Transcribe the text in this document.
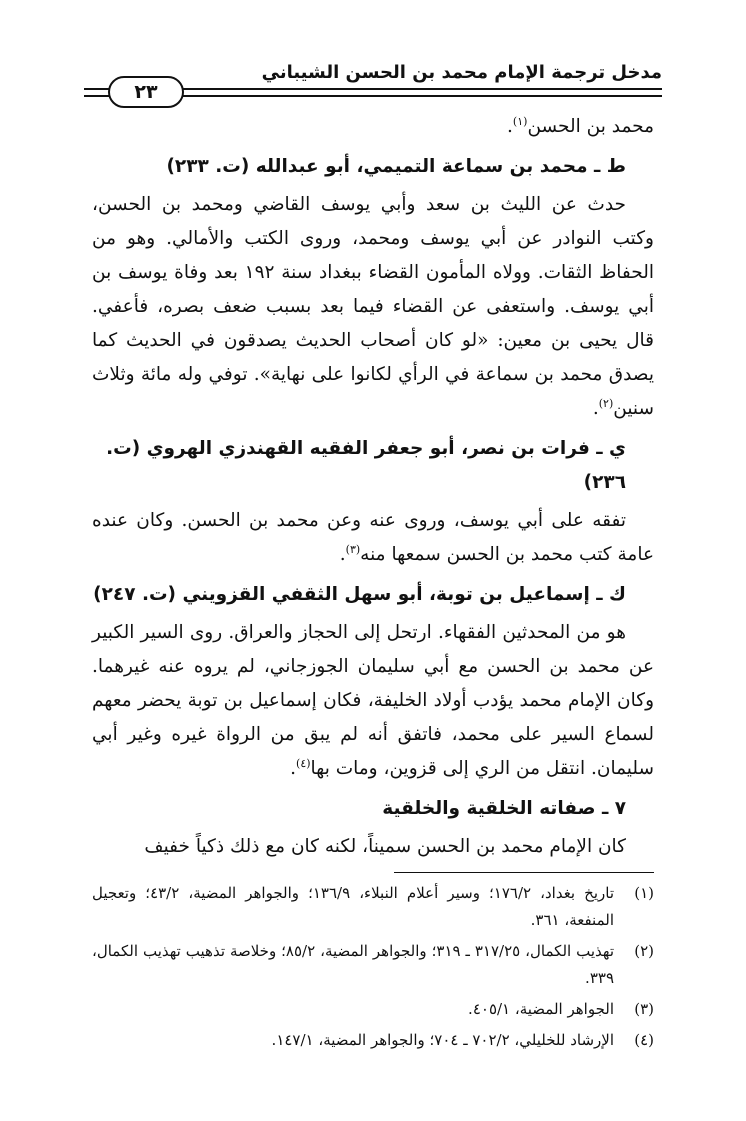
مدخل ترجمة الإمام محمد بن الحسن الشيباني
٢٣

محمد بن الحسن$^{(١)}$.

ط ـ محمد بن سماعة التميمي، أبو عبدالله (ت. ٢٣٣)

حدث عن الليث بن سعد وأبي يوسف القاضي ومحمد بن الحسن، وكتب النوادر عن أبي يوسف ومحمد، وروى الكتب والأمالي. وهو من الحفاظ الثقات. وولاه المأمون القضاء ببغداد سنة ١٩٢ بعد وفاة يوسف بن أبي يوسف. واستعفى عن القضاء فيما بعد بسبب ضعف بصره، فأعفي. قال يحيى بن معين: «لو كان أصحاب الحديث يصدقون في الحديث كما يصدق محمد بن سماعة في الرأي لكانوا على نهاية». توفي وله مائة وثلاث سنين$^{(٢)}$.

ي ـ فرات بن نصر، أبو جعفر الفقيه القهندزي الهروي (ت. ٢٣٦)

تفقه على أبي يوسف، وروى عنه وعن محمد بن الحسن. وكان عنده عامة كتب محمد بن الحسن سمعها منه$^{(٣)}$.

ك ـ إسماعيل بن توبة، أبو سهل الثقفي القزويني (ت. ٢٤٧)

هو من المحدثين الفقهاء. ارتحل إلى الحجاز والعراق. روى السير الكبير عن محمد بن الحسن مع أبي سليمان الجوزجاني، لم يروه عنه غيرهما. وكان الإمام محمد يؤدب أولاد الخليفة، فكان إسماعيل بن توبة يحضر معهم لسماع السير على محمد، فاتفق أنه لم يبق من الرواة غيره وغير أبي سليمان. انتقل من الري إلى قزوين، ومات بها$^{(٤)}$.

٧ ـ صفاته الخلقية والخلقية

كان الإمام محمد بن الحسن سميناً، لكنه كان مع ذلك ذكياً خفيف

(١)
تاريخ بغداد، ١٧٦/٢؛ وسير أعلام النبلاء، ١٣٦/٩؛ والجواهر المضية، ٤٣/٢؛ وتعجيل المنفعة، ٣٦١.
(٢)
تهذيب الكمال، ٣١٧/٢٥ ـ ٣١٩؛ والجواهر المضية، ٨٥/٢؛ وخلاصة تذهيب تهذيب الكمال، ٣٣٩.
(٣)
الجواهر المضية، ٤٠٥/١.
(٤)
الإرشاد للخليلي، ٧٠٢/٢ ـ ٧٠٤؛ والجواهر المضية، ١٤٧/١.
